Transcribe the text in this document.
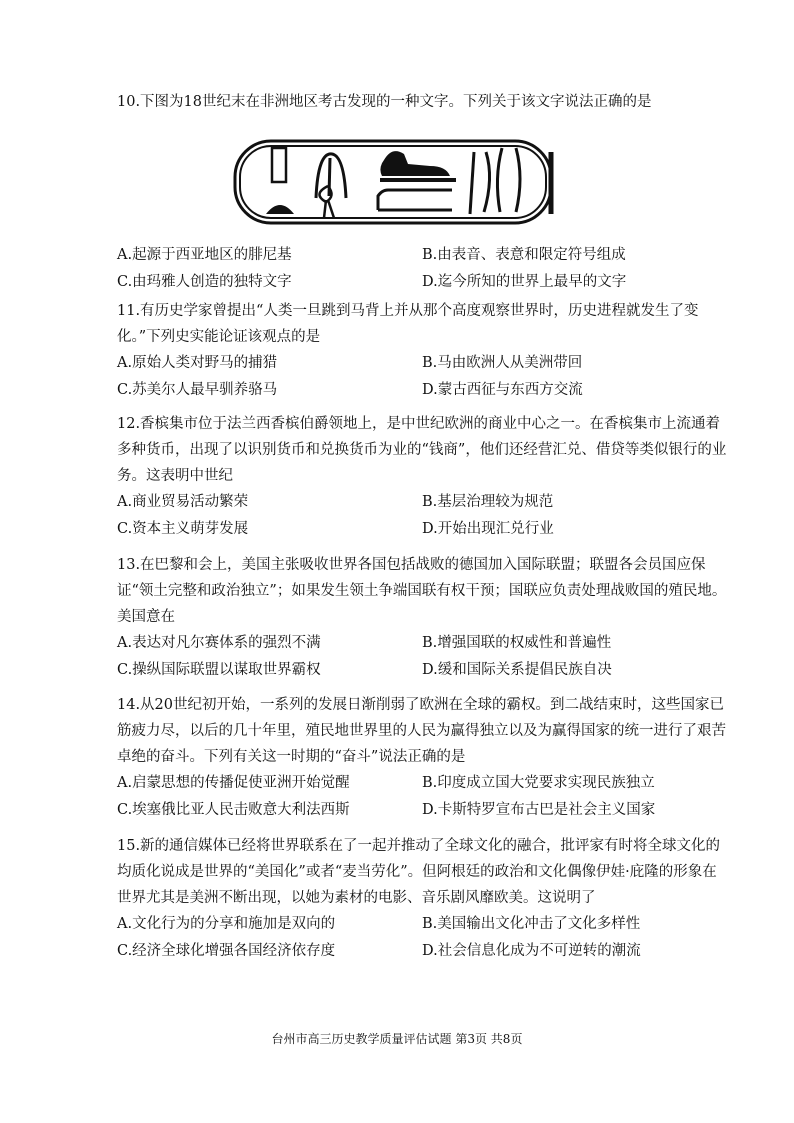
10.下图为18世纪末在非洲地区考古发现的一种文字。下列关于该文字说法正确的是

A.起源于西亚地区的腓尼基	B.由表音、表意和限定符号组成
C.由玛雅人创造的独特文字	D.迄今所知的世界上最早的文字

11.有历史学家曾提出“人类一旦跳到马背上并从那个高度观察世界时，历史进程就发生了变化。”下列史实能论证该观点的是

A.原始人类对野马的捕猎	B.马由欧洲人从美洲带回
C.苏美尔人最早驯养骆马	D.蒙古西征与东西方交流

12.香槟集市位于法兰西香槟伯爵领地上，是中世纪欧洲的商业中心之一。在香槟集市上流通着多种货币，出现了以识别货币和兑换货币为业的“钱商”，他们还经营汇兑、借贷等类似银行的业务。这表明中世纪

A.商业贸易活动繁荣	B.基层治理较为规范
C.资本主义萌芽发展	D.开始出现汇兑行业

13.在巴黎和会上，美国主张吸收世界各国包括战败的德国加入国际联盟；联盟各会员国应保证“领土完整和政治独立”；如果发生领土争端国联有权干预；国联应负责处理战败国的殖民地。美国意在

A.表达对凡尔赛体系的强烈不满	B.增强国联的权威性和普遍性
C.操纵国际联盟以谋取世界霸权	D.缓和国际关系提倡民族自决

14.从20世纪初开始，一系列的发展日渐削弱了欧洲在全球的霸权。到二战结束时，这些国家已筋疲力尽，以后的几十年里，殖民地世界里的人民为赢得独立以及为赢得国家的统一进行了艰苦卓绝的奋斗。下列有关这一时期的“奋斗”说法正确的是

A.启蒙思想的传播促使亚洲开始觉醒	B.印度成立国大党要求实现民族独立
C.埃塞俄比亚人民击败意大利法西斯	D.卡斯特罗宣布古巴是社会主义国家

15.新的通信媒体已经将世界联系在了一起并推动了全球文化的融合，批评家有时将全球文化的均质化说成是世界的“美国化”或者“麦当劳化”。但阿根廷的政治和文化偶像伊娃·庇隆的形象在世界尤其是美洲不断出现，以她为素材的电影、音乐剧风靡欧美。这说明了

A.文化行为的分享和施加是双向的	B.美国输出文化冲击了文化多样性
C.经济全球化增强各国经济依存度	D.社会信息化成为不可逆转的潮流
台州市高三历史教学质量评估试题 第3页 共8页
